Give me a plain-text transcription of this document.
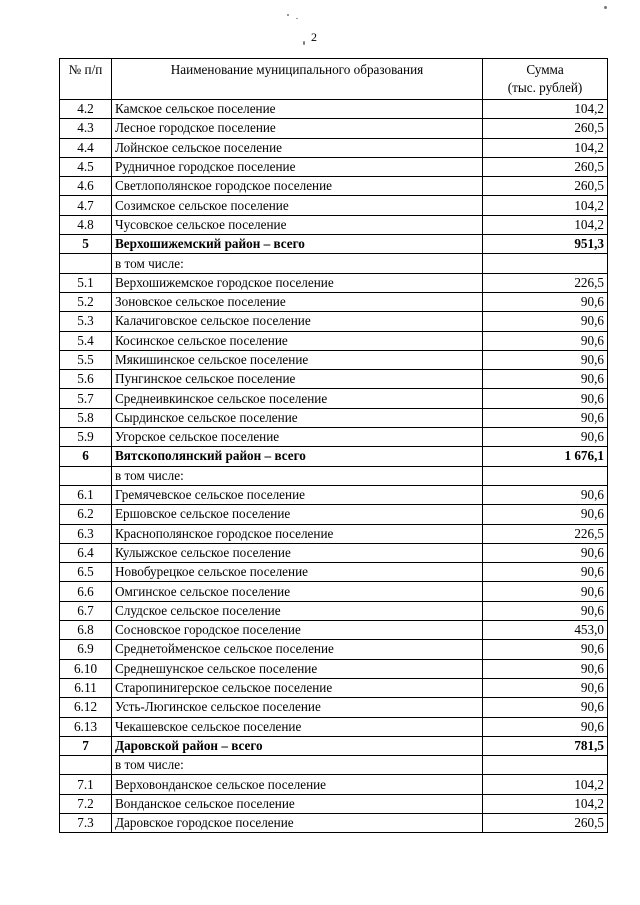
2
№ п/п	Наименование муниципального образования	Сумма
(тыс. рублей)

4.2	Камское сельское поселение	104,2
4.3	Лесное городское поселение	260,5
4.4	Лойнское сельское поселение	104,2
4.5	Рудничное городское поселение	260,5
4.6	Светлополянское городское поселение	260,5
4.7	Созимское сельское поселение	104,2
4.8	Чусовское сельское поселение	104,2
5	Верхошижемский район – всего	951,3
	в том числе:	
5.1	Верхошижемское городское поселение	226,5
5.2	Зоновское сельское поселение	90,6
5.3	Калачиговское сельское поселение	90,6
5.4	Косинское сельское поселение	90,6
5.5	Мякишинское сельское поселение	90,6
5.6	Пунгинское сельское поселение	90,6
5.7	Среднеивкинское сельское поселение	90,6
5.8	Сырдинское сельское поселение	90,6
5.9	Угорское сельское поселение	90,6
6	Вятскополянский район – всего	1 676,1
	в том числе:	
6.1	Гремячевское сельское поселение	90,6
6.2	Ершовское сельское поселение	90,6
6.3	Краснополянское городское поселение	226,5
6.4	Кулыжское сельское поселение	90,6
6.5	Новобурецкое сельское поселение	90,6
6.6	Омгинское сельское поселение	90,6
6.7	Слудское сельское поселение	90,6
6.8	Сосновское городское поселение	453,0
6.9	Среднетойменское сельское поселение	90,6
6.10	Среднешунское сельское поселение	90,6
6.11	Старопинигерское сельское поселение	90,6
6.12	Усть-Люгинское сельское поселение	90,6
6.13	Чекашевское сельское поселение	90,6
7	Даровской район – всего	781,5
	в том числе:	
7.1	Верховонданское сельское поселение	104,2
7.2	Вонданское сельское поселение	104,2
7.3	Даровское городское поселение	260,5
